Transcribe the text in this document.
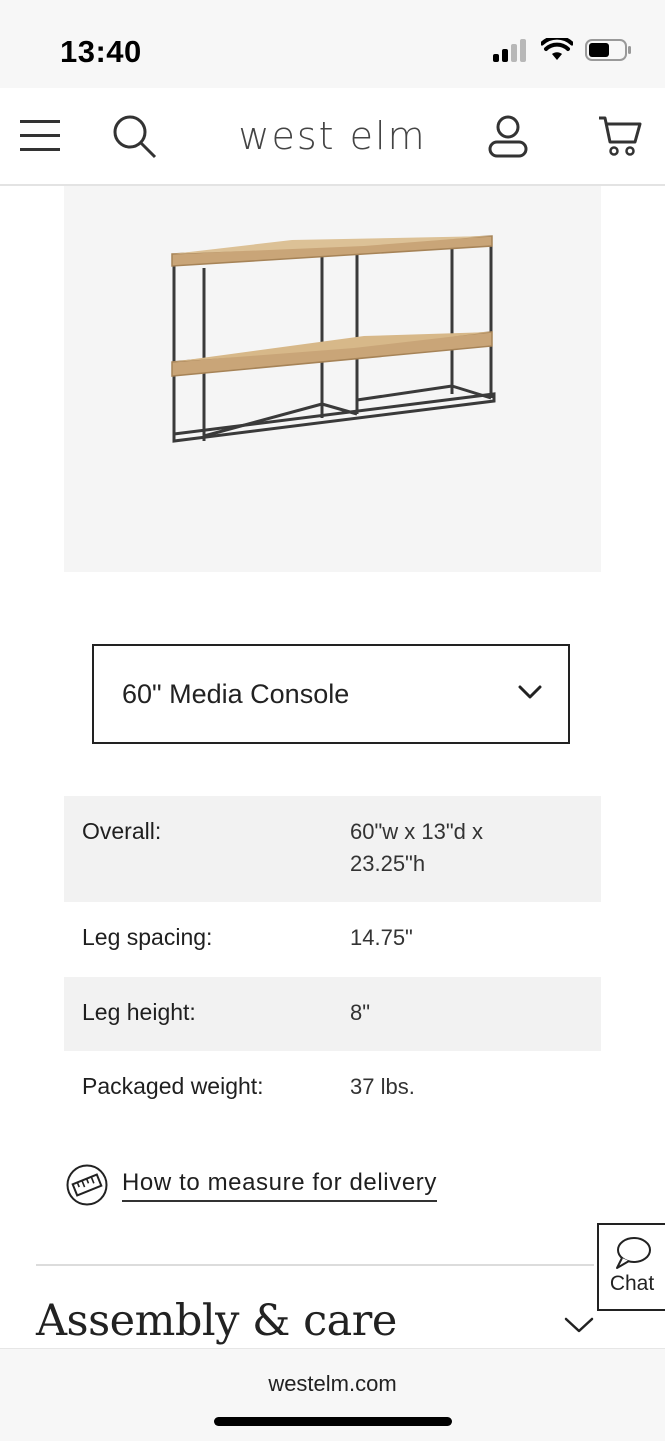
13:40
west elm
60" Media Console
Overall:	60"w x 13"d x 23.25"h
Leg spacing:	14.75"
Leg height:	8"
Packaged weight:	37 lbs.
How to measure for delivery
Chat
Assembly & care
westelm.com
